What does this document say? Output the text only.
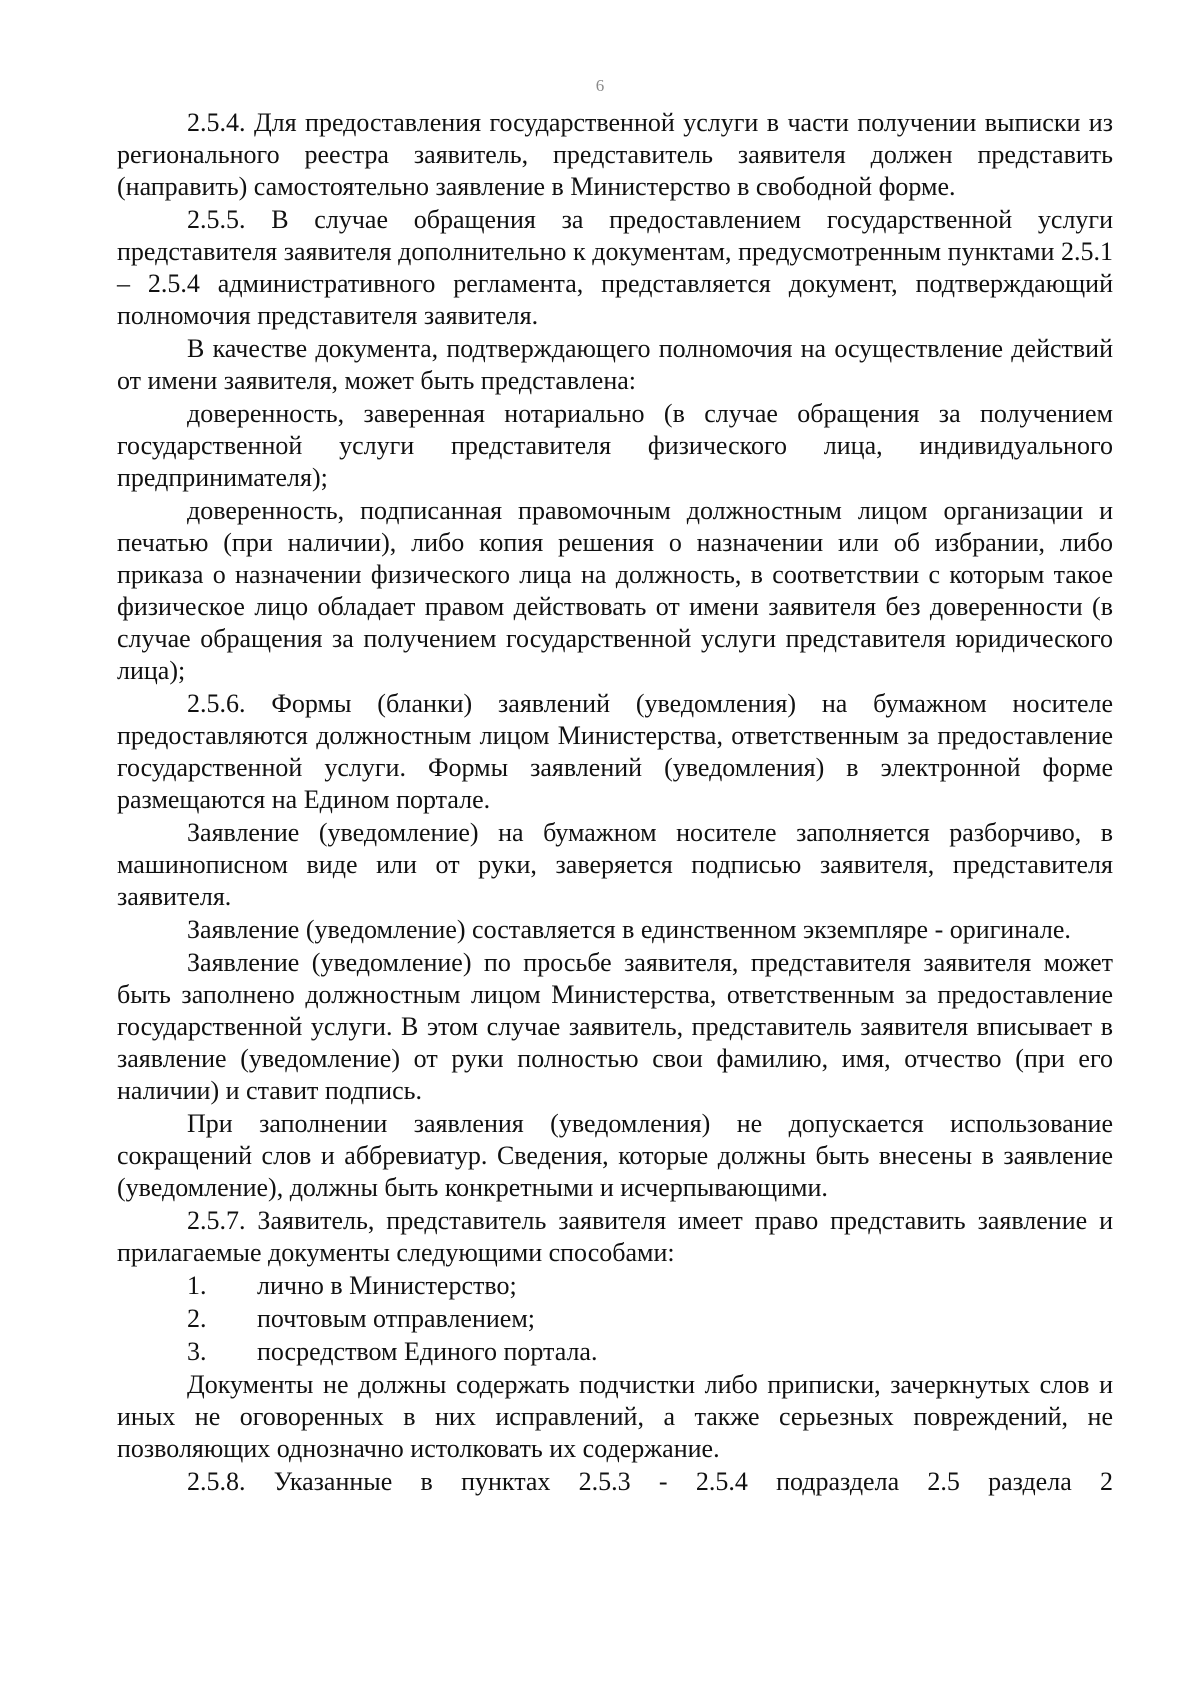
6

2.5.4. Для предоставления государственной услуги в части получении выписки из регионального реестра заявитель, представитель заявителя должен представить (направить) самостоятельно заявление в Министерство в свободной форме.

2.5.5. В случае обращения за предоставлением государственной услуги представителя заявителя дополнительно к документам, предусмотренным пунктами 2.5.1 – 2.5.4 административного регламента, представляется документ, подтверждающий полномочия представителя заявителя.

В качестве документа, подтверждающего полномочия на осуществление действий от имени заявителя, может быть представлена:

доверенность, заверенная нотариально (в случае обращения за получением государственной услуги представителя физического лица, индивидуального предпринимателя);

доверенность, подписанная правомочным должностным лицом организации и печатью (при наличии), либо копия решения о назначении или об избрании, либо приказа о назначении физического лица на должность, в соответствии с которым такое физическое лицо обладает правом действовать от имени заявителя без доверенности (в случае обращения за получением государственной услуги представителя юридического лица);

2.5.6. Формы (бланки) заявлений (уведомления) на бумажном носителе предоставляются должностным лицом Министерства, ответственным за предоставление государственной услуги. Формы заявлений (уведомления) в электронной форме размещаются на Едином портале.

Заявление (уведомление) на бумажном носителе заполняется разборчиво, в машинописном виде или от руки, заверяется подписью заявителя, представителя заявителя.

Заявление (уведомление) составляется в единственном экземпляре - оригинале.

Заявление (уведомление) по просьбе заявителя, представителя заявителя может быть заполнено должностным лицом Министерства, ответственным за предоставление государственной услуги. В этом случае заявитель, представитель заявителя вписывает в заявление (уведомление) от руки полностью свои фамилию, имя, отчество (при его наличии) и ставит подпись.

При заполнении заявления (уведомления) не допускается использование сокращений слов и аббревиатур. Сведения, которые должны быть внесены в заявление (уведомление), должны быть конкретными и исчерпывающими.

2.5.7. Заявитель, представитель заявителя имеет право представить заявление и прилагаемые документы следующими способами:

1.	лично в Министерство;
2.	почтовым отправлением;
3.	посредством Единого портала.

Документы не должны содержать подчистки либо приписки, зачеркнутых слов и иных не оговоренных в них исправлений, а также серьезных повреждений, не позволяющих однозначно истолковать их содержание.

2.5.8. Указанные в пунктах 2.5.3 - 2.5.4 подраздела 2.5 раздела 2
